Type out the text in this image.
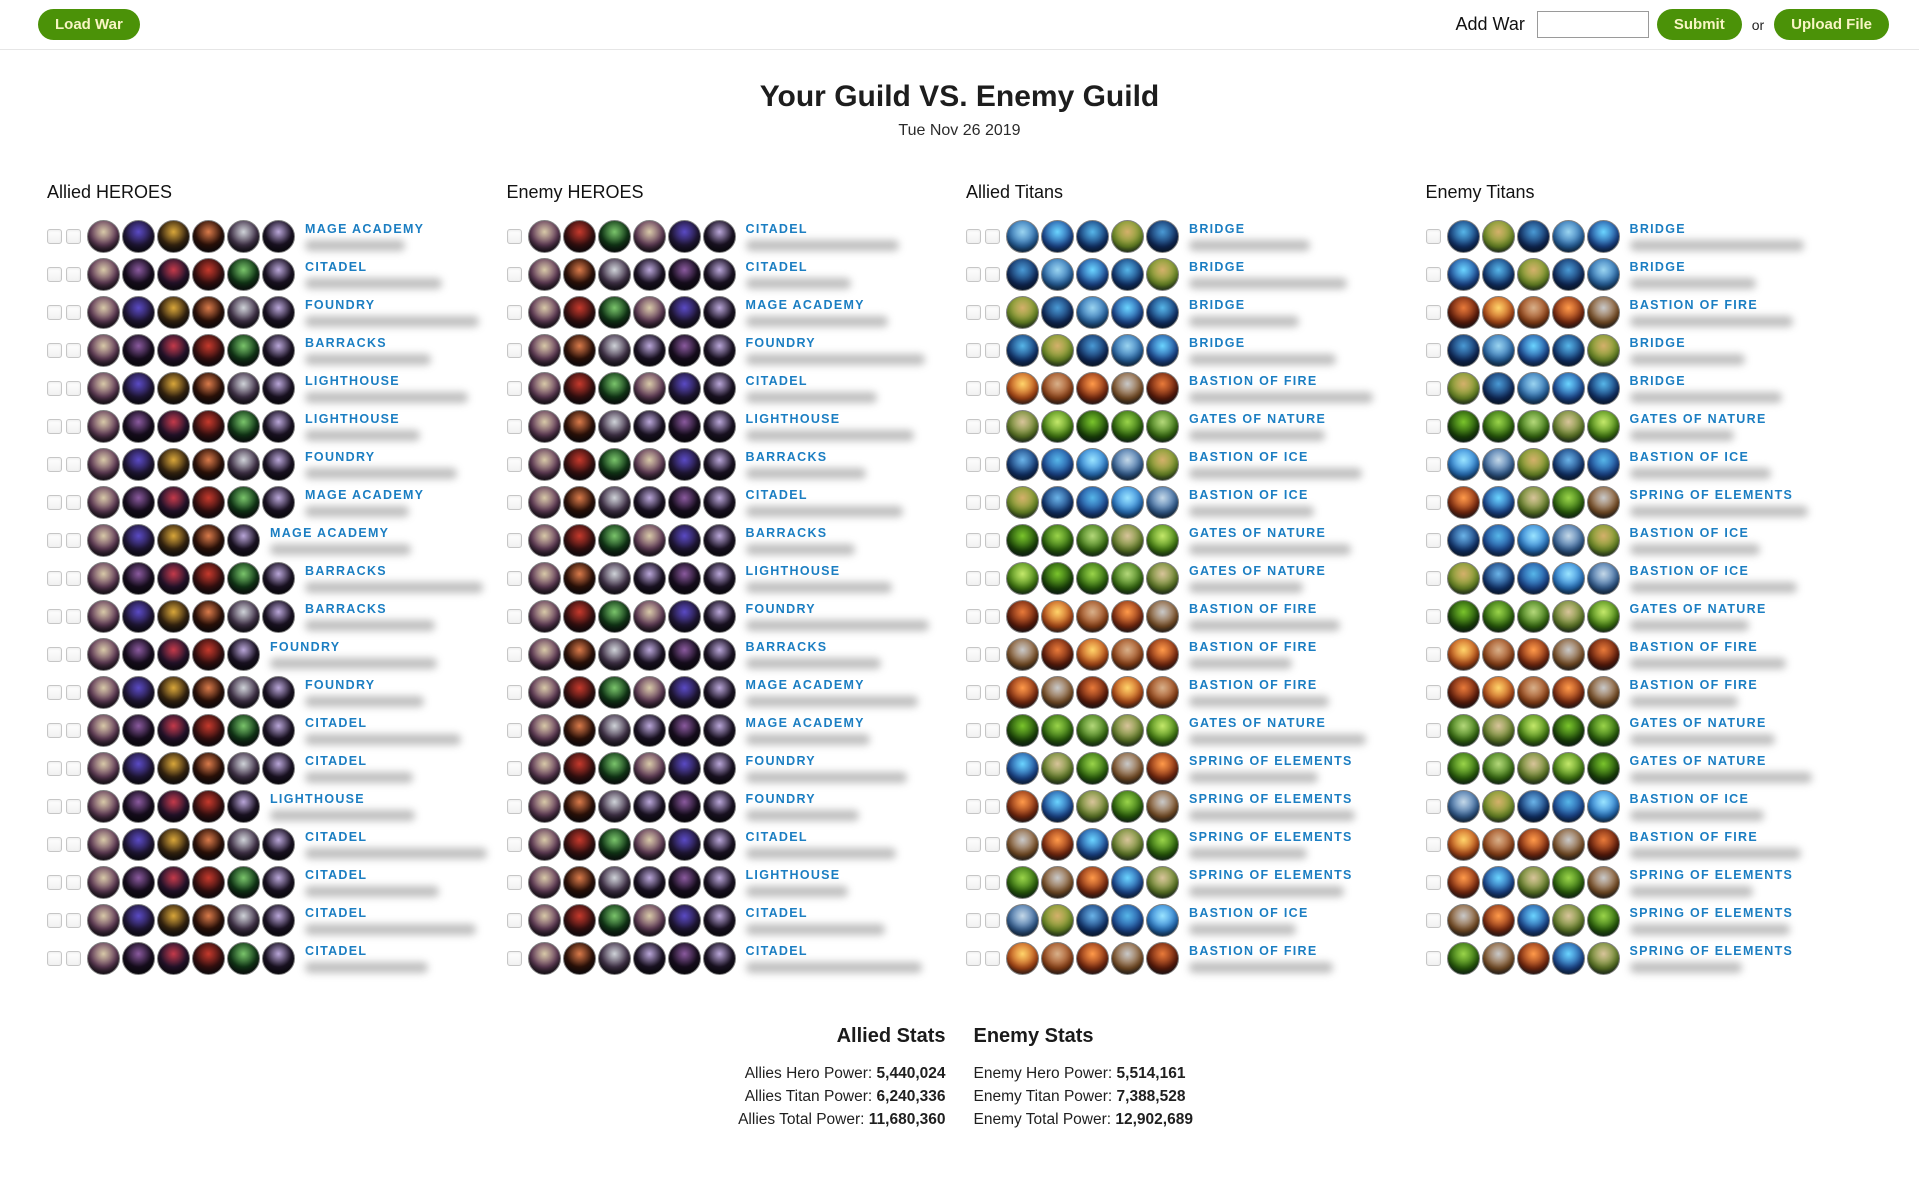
Load War	Add War	Submit	or	Upload File
Your Guild VS. Enemy Guild
Tue Nov 26 2019
Allied HEROES
MAGE ACADEMY
CITADEL
FOUNDRY
BARRACKS
LIGHTHOUSE
LIGHTHOUSE
FOUNDRY
MAGE ACADEMY
MAGE ACADEMY
BARRACKS
BARRACKS
FOUNDRY
FOUNDRY
CITADEL
CITADEL
LIGHTHOUSE
CITADEL
CITADEL
CITADEL
CITADEL
Enemy HEROES
CITADEL
CITADEL
MAGE ACADEMY
FOUNDRY
CITADEL
LIGHTHOUSE
BARRACKS
CITADEL
BARRACKS
LIGHTHOUSE
FOUNDRY
BARRACKS
MAGE ACADEMY
MAGE ACADEMY
FOUNDRY
FOUNDRY
CITADEL
LIGHTHOUSE
CITADEL
CITADEL
Allied Titans
BRIDGE
BRIDGE
BRIDGE
BRIDGE
BASTION OF FIRE
GATES OF NATURE
BASTION OF ICE
BASTION OF ICE
GATES OF NATURE
GATES OF NATURE
BASTION OF FIRE
BASTION OF FIRE
BASTION OF FIRE
GATES OF NATURE
SPRING OF ELEMENTS
SPRING OF ELEMENTS
SPRING OF ELEMENTS
SPRING OF ELEMENTS
BASTION OF ICE
BASTION OF FIRE
Enemy Titans
BRIDGE
BRIDGE
BASTION OF FIRE
BRIDGE
BRIDGE
GATES OF NATURE
BASTION OF ICE
SPRING OF ELEMENTS
BASTION OF ICE
BASTION OF ICE
GATES OF NATURE
BASTION OF FIRE
BASTION OF FIRE
GATES OF NATURE
GATES OF NATURE
BASTION OF ICE
BASTION OF FIRE
SPRING OF ELEMENTS
SPRING OF ELEMENTS
SPRING OF ELEMENTS
Allied Stats
Allies Hero Power: 5,440,024
Allies Titan Power: 6,240,336
Allies Total Power: 11,680,360
Enemy Stats
Enemy Hero Power: 5,514,161
Enemy Titan Power: 7,388,528
Enemy Total Power: 12,902,689
